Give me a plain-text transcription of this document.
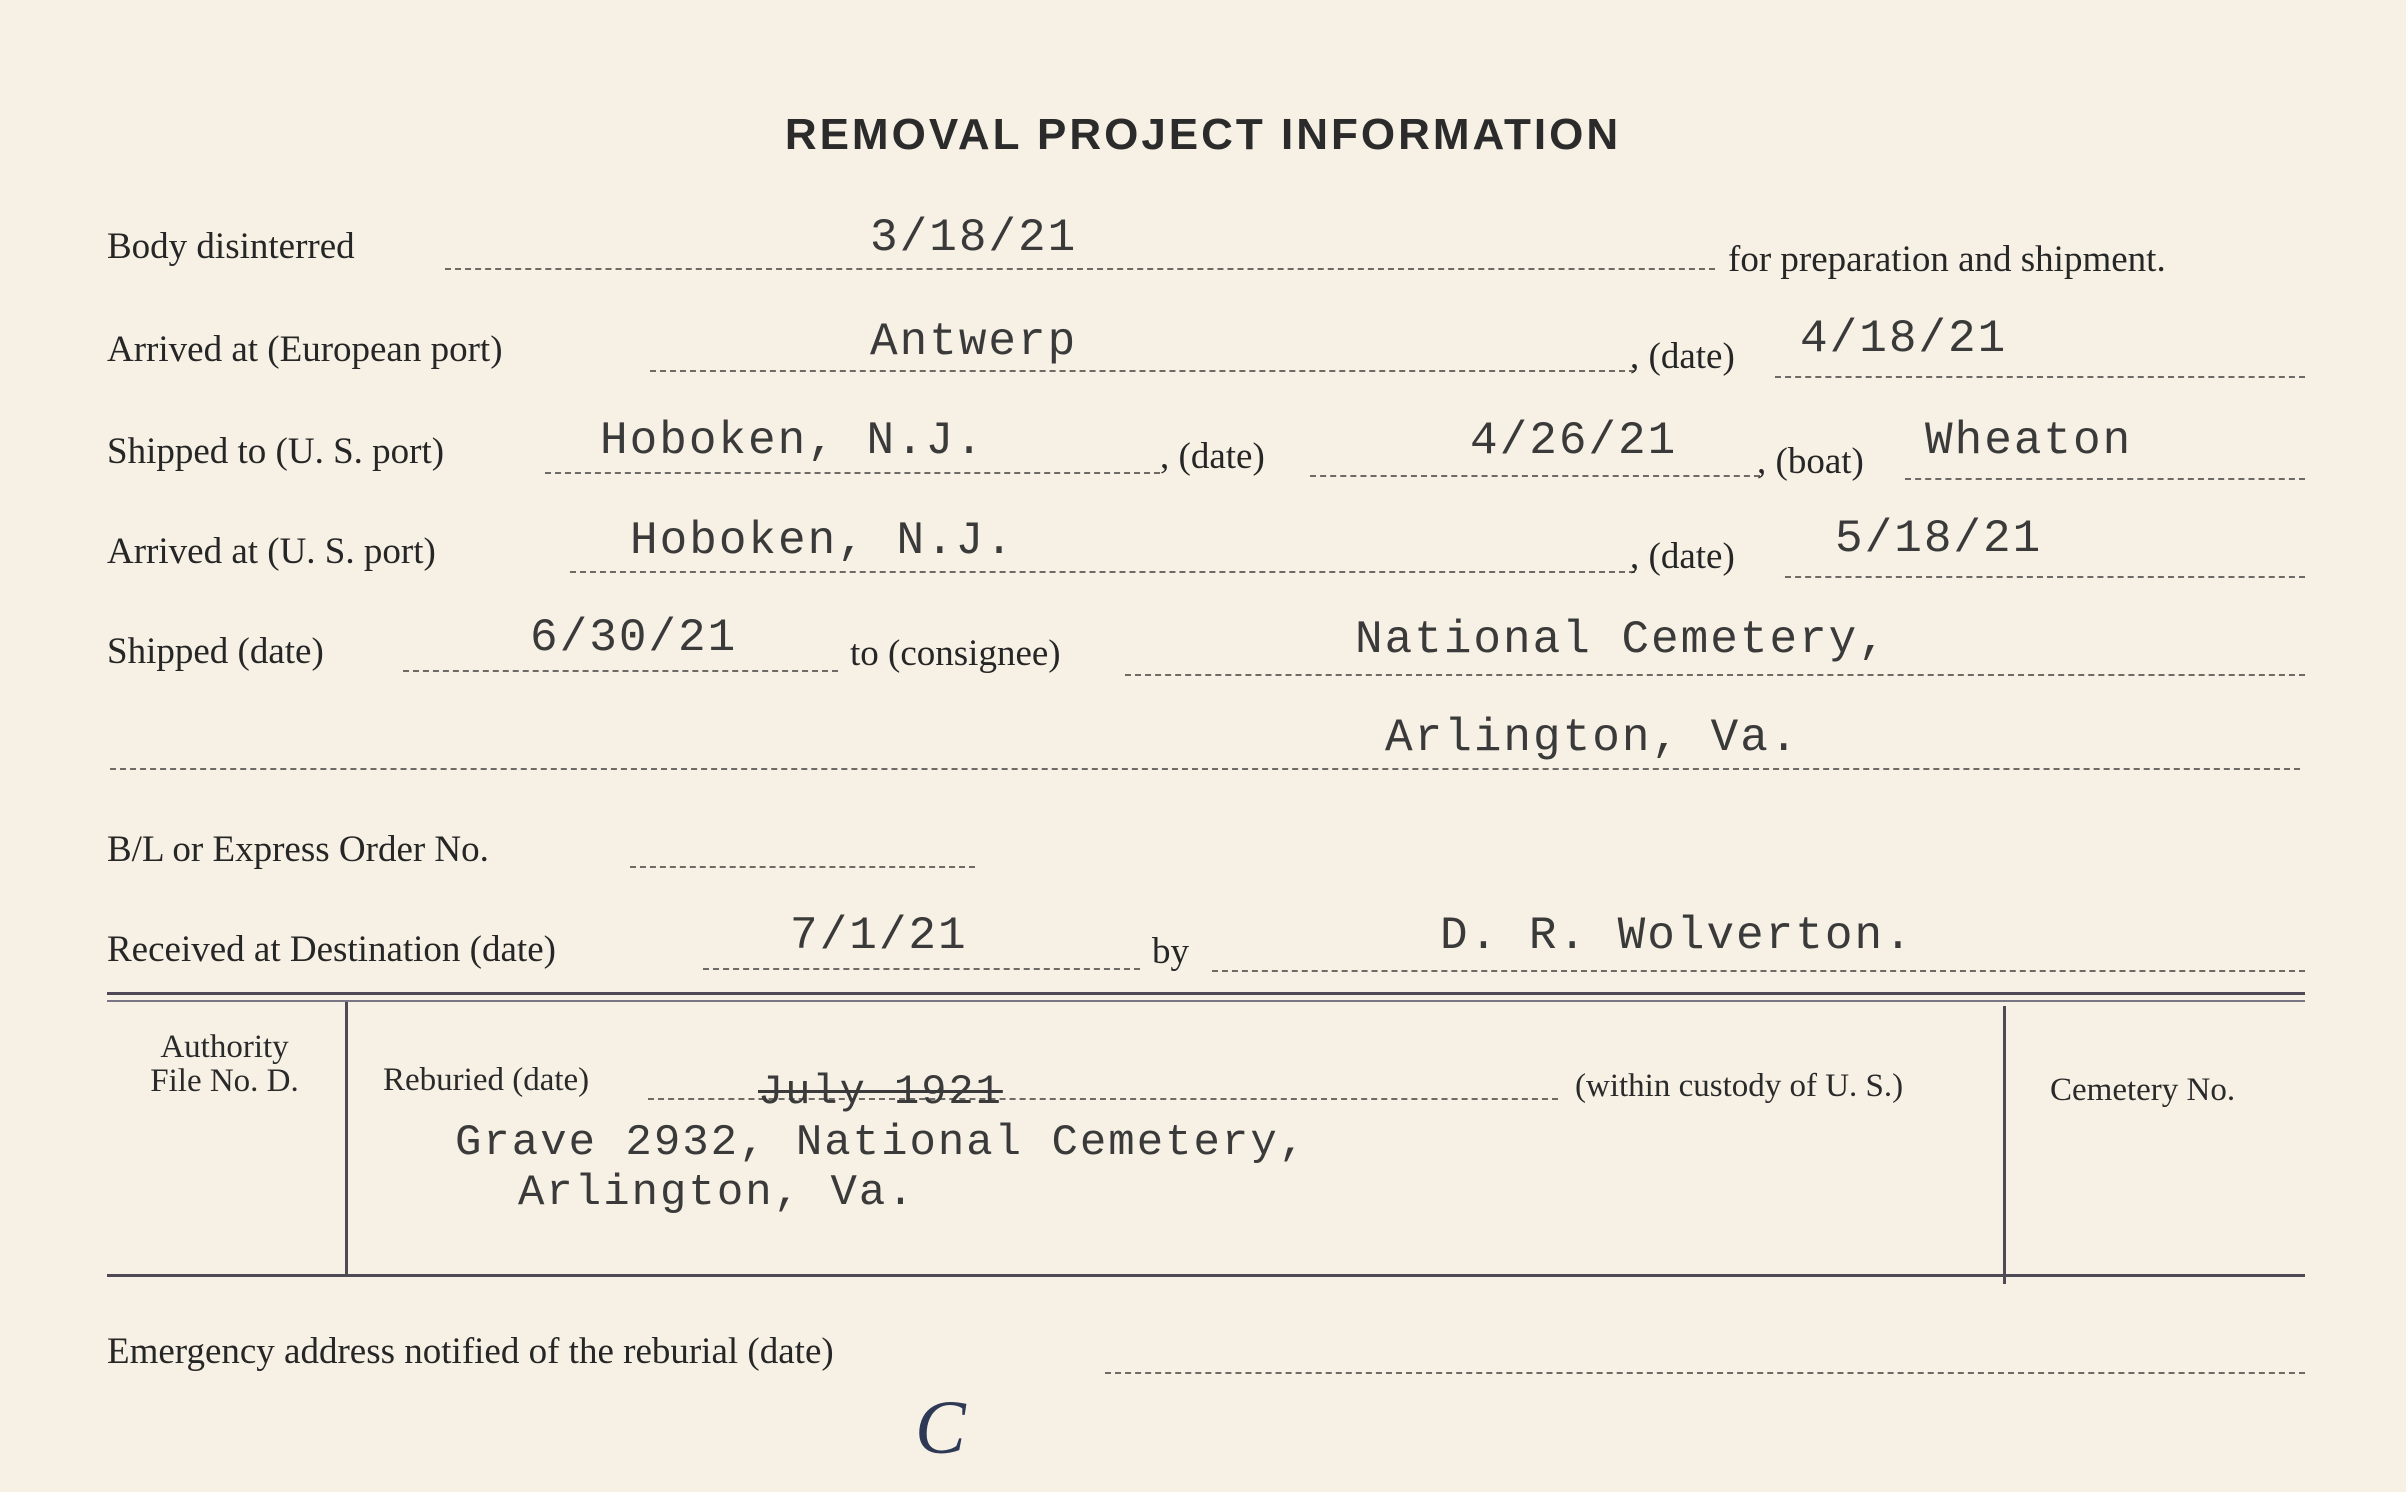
REMOVAL PROJECT INFORMATION
Body disinterred	3/18/21	for preparation and shipment.
Arrived at (European port)	Antwerp	, (date) 4/18/21
Shipped to (U. S. port)	Hoboken, N.J.	, (date)	4/26/21 , (boat) Wheaton
Arrived at (U. S. port)	Hoboken, N.J.	, (date) 5/18/21
Shipped (date)	6/30/21	to (consignee)	National Cemetery,
Arlington, Va.
B/L or Express Order No.
Received at Destination (date)	7/1/21	by	D. R. Wolverton.
Authority
File No. D.	Reburied (date)	July 1921	(within custody of U. S.)
Grave 2932, National Cemetery,
Arlington, Va.
Cemetery No.
Emergency address notified of the reburial (date)
C
